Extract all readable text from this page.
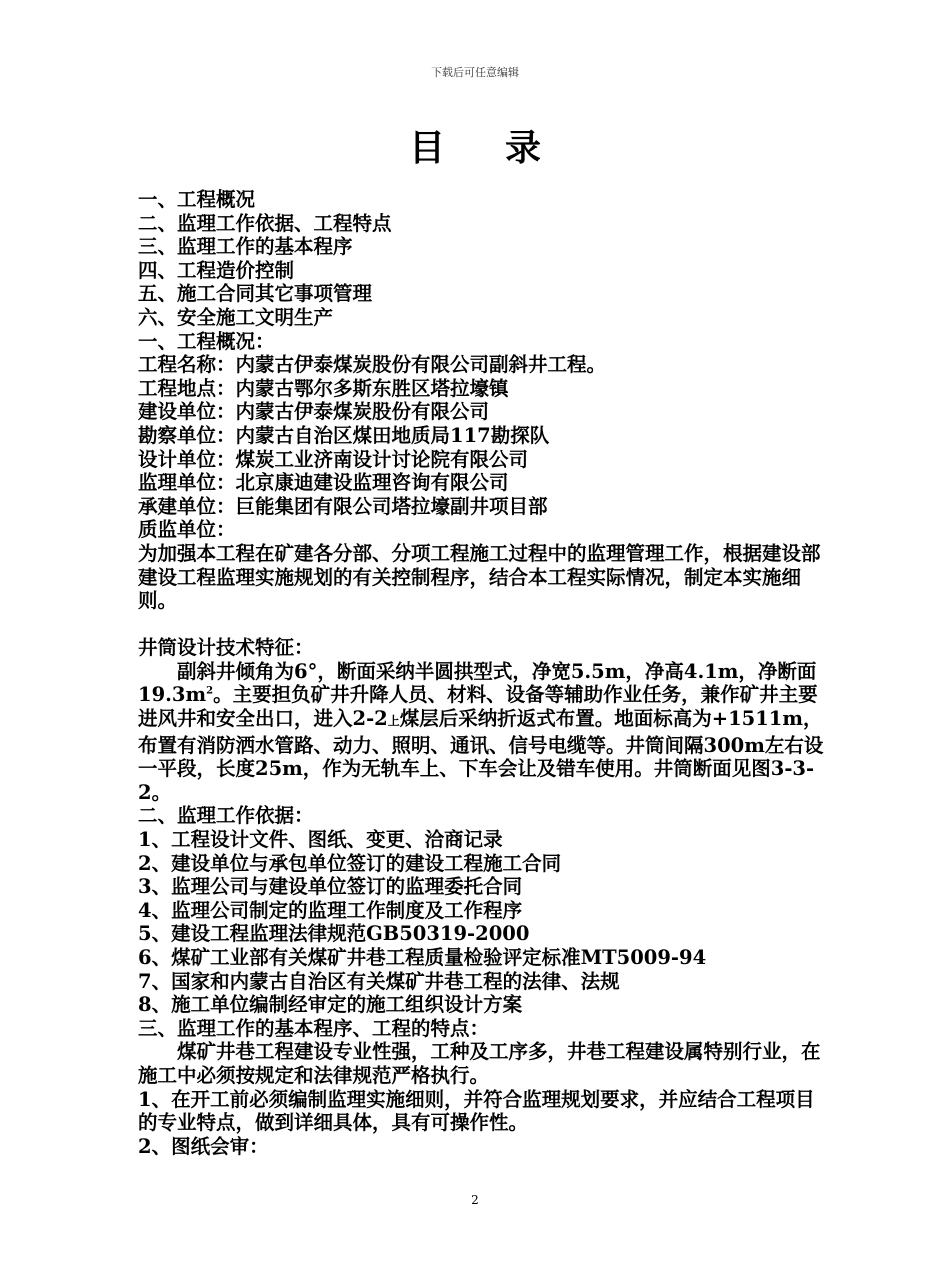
下载后可任意编辑
目录

一、工程概况

二、监理工作依据、工程特点

三、监理工作的基本程序

四、工程造价控制

五、施工合同其它事项管理

六、安全施工文明生产

一、工程概况：

工程名称：内蒙古伊泰煤炭股份有限公司副斜井工程。

工程地点：内蒙古鄂尔多斯东胜区塔拉壕镇

建设单位：内蒙古伊泰煤炭股份有限公司

勘察单位：内蒙古自治区煤田地质局117勘探队

设计单位：煤炭工业济南设计讨论院有限公司

监理单位：北京康迪建设监理咨询有限公司

承建单位：巨能集团有限公司塔拉壕副井项目部

质监单位：

为加强本工程在矿建各分部、分项工程施工过程中的监理管理工作，根据建设部建设工程监理实施规划的有关控制程序，结合本工程实际情况，制定本实施细则。

井筒设计技术特征：

副斜井倾角为6°，断面采纳半圆拱型式，净宽5.5m，净高4.1m，净断面$19.3m^2$。主要担负矿井升降人员、材料、设备等辅助作业任务，兼作矿井主要进风井和安全出口，进入2-2上煤层后采纳折返式布置。地面标高为+1511m，布置有消防洒水管路、动力、照明、通讯、信号电缆等。井筒间隔300m左右设一平段，长度25m，作为无轨车上、下车会让及错车使用。井筒断面见图3-3-2。

二、监理工作依据：

1、工程设计文件、图纸、变更、洽商记录

2、建设单位与承包单位签订的建设工程施工合同

3、监理公司与建设单位签订的监理委托合同

4、监理公司制定的监理工作制度及工作程序

5、建设工程监理法律规范GB50319-2000

6、煤矿工业部有关煤矿井巷工程质量检验评定标准MT5009-94

7、国家和内蒙古自治区有关煤矿井巷工程的法律、法规

8、施工单位编制经审定的施工组织设计方案

三、监理工作的基本程序、工程的特点：

煤矿井巷工程建设专业性强，工种及工序多，井巷工程建设属特别行业，在施工中必须按规定和法律规范严格执行。

1、在开工前必须编制监理实施细则，并符合监理规划要求，并应结合工程项目的专业特点，做到详细具体，具有可操作性。

2、图纸会审：

2
